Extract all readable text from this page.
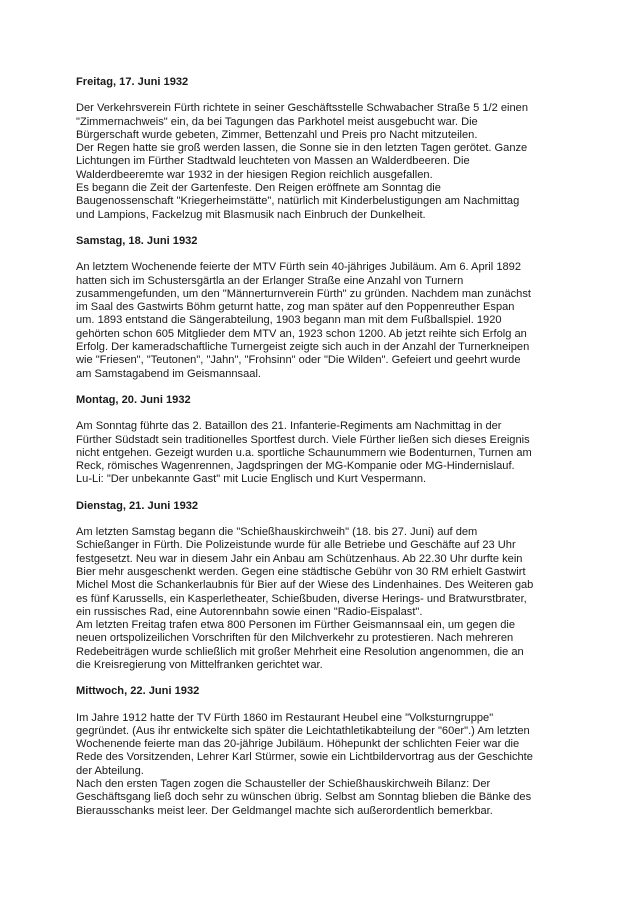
Freitag, 17. Juni 1932
Der Verkehrsverein Fürth richtete in seiner Geschäftsstelle Schwabacher Straße 5 1/2 einen
"Zimmernachweis" ein, da bei Tagungen das Parkhotel meist ausgebucht war. Die
Bürgerschaft wurde gebeten, Zimmer, Bettenzahl und Preis pro Nacht mitzuteilen.
Der Regen hatte sie groß werden lassen, die Sonne sie in den letzten Tagen gerötet. Ganze
Lichtungen im Fürther Stadtwald leuchteten von Massen an Walderdbeeren. Die
Walderdbeeremte war 1932 in der hiesigen Region reichlich ausgefallen.
Es begann die Zeit der Gartenfeste. Den Reigen eröffnete am Sonntag die
Baugenossenschaft "Kriegerheimstätte", natürlich mit Kinderbelustigungen am Nachmittag
und Lampions, Fackelzug mit Blasmusik nach Einbruch der Dunkelheit.
Samstag, 18. Juni 1932
An letztem Wochenende feierte der MTV Fürth sein 40-jähriges Jubiläum. Am 6. April 1892
hatten sich im Schustersgärtla an der Erlanger Straße eine Anzahl von Turnern
zusammengefunden, um den "Männerturnverein Fürth" zu gründen. Nachdem man zunächst
im Saal des Gastwirts Böhm geturnt hatte, zog man später auf den Poppenreuther Espan
um. 1893 entstand die Sängerabteilung, 1903 begann man mit dem Fußballspiel. 1920
gehörten schon 605 Mitglieder dem MTV an, 1923 schon 1200. Ab jetzt reihte sich Erfolg an
Erfolg. Der kameradschaftliche Turnergeist zeigte sich auch in der Anzahl der Turnerkneipen
wie "Friesen", "Teutonen", "Jahn", "Frohsinn" oder "Die Wilden". Gefeiert und geehrt wurde
am Samstagabend im Geismannsaal.
Montag, 20. Juni 1932
Am Sonntag führte das 2. Bataillon des 21. Infanterie-Regiments am Nachmittag in der
Fürther Südstadt sein traditionelles Sportfest durch. Viele Fürther ließen sich dieses Ereignis
nicht entgehen. Gezeigt wurden u.a. sportliche Schaunummern wie Bodenturnen, Turnen am
Reck, römisches Wagenrennen, Jagdspringen der MG-Kompanie oder MG-Hindernislauf.
Lu-Li: "Der unbekannte Gast" mit Lucie Englisch und Kurt Vespermann.
Dienstag, 21. Juni 1932
Am letzten Samstag begann die "Schießhauskirchweih" (18. bis 27. Juni) auf dem
Schießanger in Fürth. Die Polizeistunde wurde für alle Betriebe und Geschäfte auf 23 Uhr
festgesetzt. Neu war in diesem Jahr ein Anbau am Schützenhaus. Ab 22.30 Uhr durfte kein
Bier mehr ausgeschenkt werden. Gegen eine städtische Gebühr von 30 RM erhielt Gastwirt
Michel Most die Schankerlaubnis für Bier auf der Wiese des Lindenhaines. Des Weiteren gab
es fünf Karussells, ein Kasperletheater, Schießbuden, diverse Herings- und Bratwurstbrater,
ein russisches Rad, eine Autorennbahn sowie einen "Radio-Eispalast".
Am letzten Freitag trafen etwa 800 Personen im Fürther Geismannsaal ein, um gegen die
neuen ortspolizeilichen Vorschriften für den Milchverkehr zu protestieren. Nach mehreren
Redebeiträgen wurde schließlich mit großer Mehrheit eine Resolution angenommen, die an
die Kreisregierung von Mittelfranken gerichtet war.
Mittwoch, 22. Juni 1932
Im Jahre 1912 hatte der TV Fürth 1860 im Restaurant Heubel eine "Volksturngruppe"
gegründet. (Aus ihr entwickelte sich später die Leichtathletikabteilung der "60er".) Am letzten
Wochenende feierte man das 20-jährige Jubiläum. Höhepunkt der schlichten Feier war die
Rede des Vorsitzenden, Lehrer Karl Stürmer, sowie ein Lichtbildervortrag aus der Geschichte
der Abteilung.
Nach den ersten Tagen zogen die Schausteller der Schießhauskirchweih Bilanz: Der
Geschäftsgang ließ doch sehr zu wünschen übrig. Selbst am Sonntag blieben die Bänke des
Bierausschanks meist leer. Der Geldmangel machte sich außerordentlich bemerkbar.
